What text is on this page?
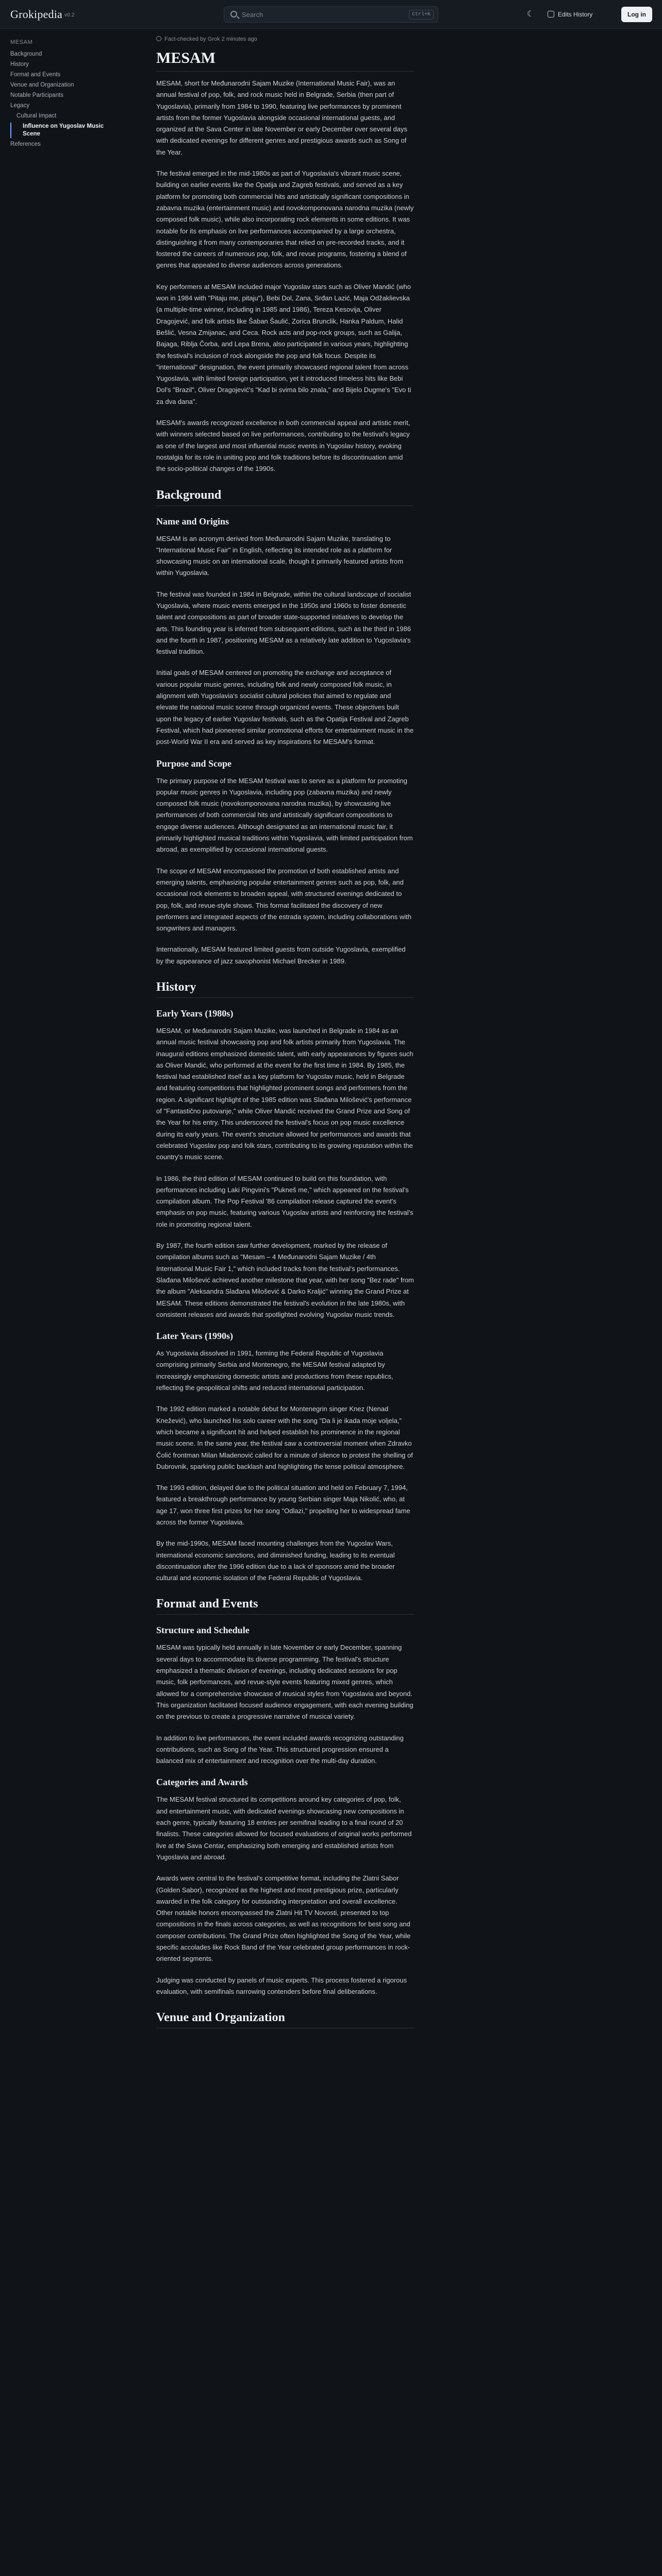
Grokipedia v0.2	Search	Ctrl+K	☾	Edits History	Log in
MESAM
Background
History
Format and Events
Venue and Organization
Notable Participants
Legacy
Cultural Impact
Influence on Yugoslav Music Scene
References
Fact-checked by Grok 2 minutes ago
MESAM

MESAM, short for Međunarodni Sajam Muzike (International Music Fair), was an annual festival of pop, folk, and rock music held in Belgrade, Serbia (then part of Yugoslavia), primarily from 1984 to 1990, featuring live performances by prominent artists from the former Yugoslavia alongside occasional international guests, and organized at the Sava Center in late November or early December over several days with dedicated evenings for different genres and prestigious awards such as Song of the Year.

The festival emerged in the mid-1980s as part of Yugoslavia's vibrant music scene, building on earlier events like the Opatija and Zagreb festivals, and served as a key platform for promoting both commercial hits and artistically significant compositions in zabavna muzika (entertainment music) and novokomponovana narodna muzika (newly composed folk music), while also incorporating rock elements in some editions. It was notable for its emphasis on live performances accompanied by a large orchestra, distinguishing it from many contemporaries that relied on pre-recorded tracks, and it fostered the careers of numerous pop, folk, and revue programs, fostering a blend of genres that appealed to diverse audiences across generations.

Key performers at MESAM included major Yugoslav stars such as Oliver Mandić (who won in 1984 with "Pitaju me, pitaju"), Bebi Dol, Zana, Srđan Lazić, Maja Odžaklievska (a multiple-time winner, including in 1985 and 1986), Tereza Kesovija, Oliver Dragojević, and folk artists like Šaban Šaulić, Zorica Brunclik, Hanka Paldum, Halid Bešlić, Vesna Zmijanac, and Ceca. Rock acts and pop-rock groups, such as Galija, Bajaga, Riblja Čorba, and Lepa Brena, also participated in various years, highlighting the festival's inclusion of rock alongside the pop and folk focus. Despite its "international" designation, the event primarily showcased regional talent from across Yugoslavia, with limited foreign participation, yet it introduced timeless hits like Bebi Dol's "Brazil", Oliver Dragojević's "Kad bi svima bilo znala," and Bijelo Dugme's "Evo ti za dva dana".

MESAM's awards recognized excellence in both commercial appeal and artistic merit, with winners selected based on live performances, contributing to the festival's legacy as one of the largest and most influential music events in Yugoslav history, evoking nostalgia for its role in uniting pop and folk traditions before its discontinuation amid the socio-political changes of the 1990s.

Background
Name and Origins

MESAM is an acronym derived from Međunarodni Sajam Muzike, translating to "International Music Fair" in English, reflecting its intended role as a platform for showcasing music on an international scale, though it primarily featured artists from within Yugoslavia.

The festival was founded in 1984 in Belgrade, within the cultural landscape of socialist Yugoslavia, where music events emerged in the 1950s and 1960s to foster domestic talent and compositions as part of broader state-supported initiatives to develop the arts. This founding year is inferred from subsequent editions, such as the third in 1986 and the fourth in 1987, positioning MESAM as a relatively late addition to Yugoslavia's festival tradition.

Initial goals of MESAM centered on promoting the exchange and acceptance of various popular music genres, including folk and newly composed folk music, in alignment with Yugoslavia's socialist cultural policies that aimed to regulate and elevate the national music scene through organized events. These objectives built upon the legacy of earlier Yugoslav festivals, such as the Opatija Festival and Zagreb Festival, which had pioneered similar promotional efforts for entertainment music in the post-World War II era and served as key inspirations for MESAM's format.

Purpose and Scope

The primary purpose of the MESAM festival was to serve as a platform for promoting popular music genres in Yugoslavia, including pop (zabavna muzika) and newly composed folk music (novokomponovana narodna muzika), by showcasing live performances of both commercial hits and artistically significant compositions to engage diverse audiences. Although designated as an international music fair, it primarily highlighted musical traditions within Yugoslavia, with limited participation from abroad, as exemplified by occasional international guests.

The scope of MESAM encompassed the promotion of both established artists and emerging talents, emphasizing popular entertainment genres such as pop, folk, and occasional rock elements to broaden appeal, with structured evenings dedicated to pop, folk, and revue-style shows. This format facilitated the discovery of new performers and integrated aspects of the estrada system, including collaborations with songwriters and managers.

Internationally, MESAM featured limited guests from outside Yugoslavia, exemplified by the appearance of jazz saxophonist Michael Brecker in 1989.

History
Early Years (1980s)

MESAM, or Međunarodni Sajam Muzike, was launched in Belgrade in 1984 as an annual music festival showcasing pop and folk artists primarily from Yugoslavia. The inaugural editions emphasized domestic talent, with early appearances by figures such as Oliver Mandić, who performed at the event for the first time in 1984. By 1985, the festival had established itself as a key platform for Yugoslav music, held in Belgrade and featuring competitions that highlighted prominent songs and performers from the region. A significant highlight of the 1985 edition was Slađana Milošević's performance of "Fantastično putovanje," while Oliver Mandić received the Grand Prize and Song of the Year for his entry. This underscored the festival's focus on pop music excellence during its early years. The event's structure allowed for performances and awards that celebrated Yugoslav pop and folk stars, contributing to its growing reputation within the country's music scene.

In 1986, the third edition of MESAM continued to build on this foundation, with performances including Laki Pingvini's "Pukneš me," which appeared on the festival's compilation album. The Pop Festival '86 compilation release captured the event's emphasis on pop music, featuring various Yugoslav artists and reinforcing the festival's role in promoting regional talent.

By 1987, the fourth edition saw further development, marked by the release of compilation albums such as "Mesam – 4 Međunarodni Sajam Muzike / 4th International Music Fair 1," which included tracks from the festival's performances. Slađana Milošević achieved another milestone that year, with her song "Bez rade" from the album "Aleksandra Slađana Milošević & Darko Kraljić" winning the Grand Prize at MESAM. These editions demonstrated the festival's evolution in the late 1980s, with consistent releases and awards that spotlighted evolving Yugoslav music trends.

Later Years (1990s)

As Yugoslavia dissolved in 1991, forming the Federal Republic of Yugoslavia comprising primarily Serbia and Montenegro, the MESAM festival adapted by increasingly emphasizing domestic artists and productions from these republics, reflecting the geopolitical shifts and reduced international participation.

The 1992 edition marked a notable debut for Montenegrin singer Knez (Nenad Knežević), who launched his solo career with the song "Da li je ikada moje voljela," which became a significant hit and helped establish his prominence in the regional music scene. In the same year, the festival saw a controversial moment when Zdravko Čolić frontman Milan Mladenović called for a minute of silence to protest the shelling of Dubrovnik, sparking public backlash and highlighting the tense political atmosphere.

The 1993 edition, delayed due to the political situation and held on February 7, 1994, featured a breakthrough performance by young Serbian singer Maja Nikolić, who, at age 17, won three first prizes for her song "Odlazi," propelling her to widespread fame across the former Yugoslavia.

By the mid-1990s, MESAM faced mounting challenges from the Yugoslav Wars, international economic sanctions, and diminished funding, leading to its eventual discontinuation after the 1996 edition due to a lack of sponsors amid the broader cultural and economic isolation of the Federal Republic of Yugoslavia.

Format and Events
Structure and Schedule

MESAM was typically held annually in late November or early December, spanning several days to accommodate its diverse programming. The festival's structure emphasized a thematic division of evenings, including dedicated sessions for pop music, folk performances, and revue-style events featuring mixed genres, which allowed for a comprehensive showcase of musical styles from Yugoslavia and beyond. This organization facilitated focused audience engagement, with each evening building on the previous to create a progressive narrative of musical variety.

In addition to live performances, the event included awards recognizing outstanding contributions, such as Song of the Year. This structured progression ensured a balanced mix of entertainment and recognition over the multi-day duration.

Categories and Awards

The MESAM festival structured its competitions around key categories of pop, folk, and entertainment music, with dedicated evenings showcasing new compositions in each genre, typically featuring 18 entries per semifinal leading to a final round of 20 finalists. These categories allowed for focused evaluations of original works performed live at the Sava Centar, emphasizing both emerging and established artists from Yugoslavia and abroad.

Awards were central to the festival's competitive format, including the Zlatni Sabor (Golden Sabor), recognized as the highest and most prestigious prize, particularly awarded in the folk category for outstanding interpretation and overall excellence. Other notable honors encompassed the Zlatni Hit TV Novosti, presented to top compositions in the finals across categories, as well as recognitions for best song and composer contributions. The Grand Prize often highlighted the Song of the Year, while specific accolades like Rock Band of the Year celebrated group performances in rock-oriented segments.

Judging was conducted by panels of music experts. This process fostered a rigorous evaluation, with semifinals narrowing contenders before final deliberations.

Venue and Organization
